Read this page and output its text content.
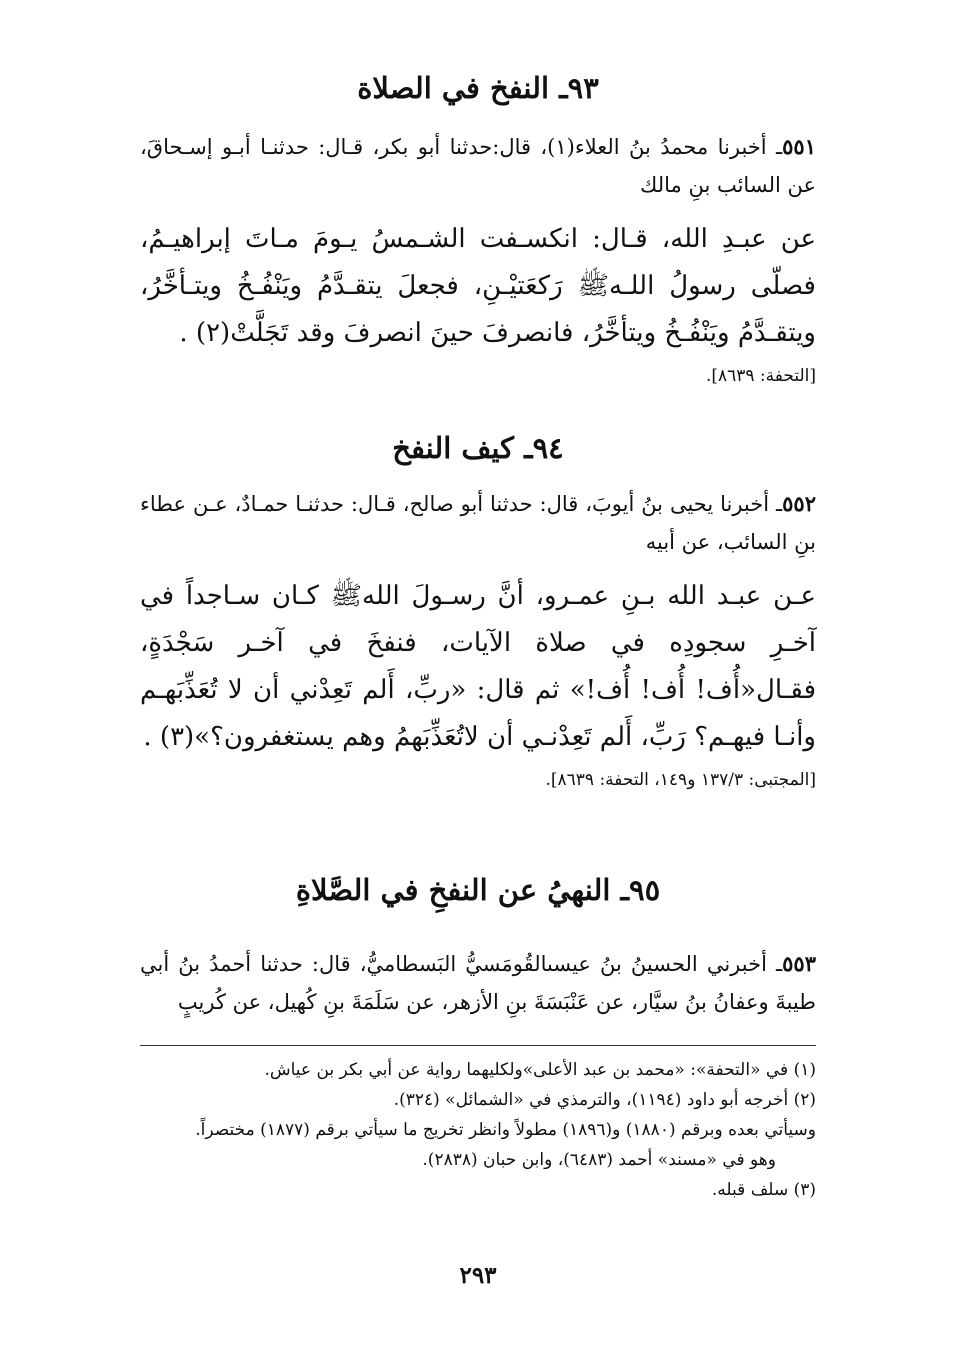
٩٣ـ النفخ في الصلاة

٥٥١ـ أخبرنا محمدُ بنُ العلاء(١)، قال:حدثنا أبو بكر، قـال: حدثنـا أبـو إسـحاقَ، عن السائب بنِ مالك

عن عبـدِ الله، قـال: انكسـفت الشـمسُ يـومَ مـاتَ إبراهيـمُ، فصلّى رسولُ اللـهﷺ رَكعَتيْـنِ، فجعلَ يتقـدَّمُ ويَنْفُـخُ ويتـأخَّرُ، ويتقـدَّمُ ويَنْفُـخُ ويتأخَّرُ، فانصرفَ حينَ انصرفَ وقد تَجَلَّتْ(٢) .

[التحفة: ٨٦٣٩].

٩٤ـ كيف النفخ

٥٥٢ـ أخبرنا يحيى بنُ أيوبَ، قال: حدثنا أبو صالح، قـال: حدثنـا حمـادٌ، عـن عطاء بنِ السائب، عن أبيه

عـن عبـد الله بـنِ عمـرو، أنَّ رسـولَ اللهﷺ كـان سـاجداً في آخـرِ سجودِه في صلاة الآيات، فنفخَ في آخـر سَجْدَةٍ، فقـال«أُف! أُف! أُف!» ثم قال: «ربِّ، أَلم تَعِدْني أن لا تُعَذِّبَهـم وأنـا فيهـم؟ رَبِّ، أَلم تَعِدْنـي أن لاتُعَذِّبَهمُ وهم يستغفرون؟»(٣) .

[المجتبى: ١٣٧/٣ و١٤٩، التحفة: ٨٦٣٩].

٩٥ـ النهيُ عن النفخِ في الصَّلاةِ

٥٥٣ـ أخبرني الحسينُ بنُ عيسىالقُومَسيُّ البَسطاميُّ، قال: حدثنا أحمدُ بنُ أبي طيبةَ وعفانُ بنُ سيَّار، عن عَنْبَسَةَ بنِ الأزهر، عن سَلَمَةَ بنِ كُهيل، عن كُريبٍ

(١) في «التحفة»: «محمد بن عبد الأعلى»ولكليهما رواية عن أبي بكر بن عياش.

(٢) أخرجه أبو داود (١١٩٤)، والترمذي في «الشمائل» (٣٢٤).

وسيأتي بعده وبرقم (١٨٨٠) و(١٨٩٦) مطولاً وانظر تخريج ما سيأتي برقم (١٨٧٧) مختصراً.

وهو في «مسند» أحمد (٦٤٨٣)، وابن حبان (٢٨٣٨).

(٣) سلف قبله.

٢٩٣
